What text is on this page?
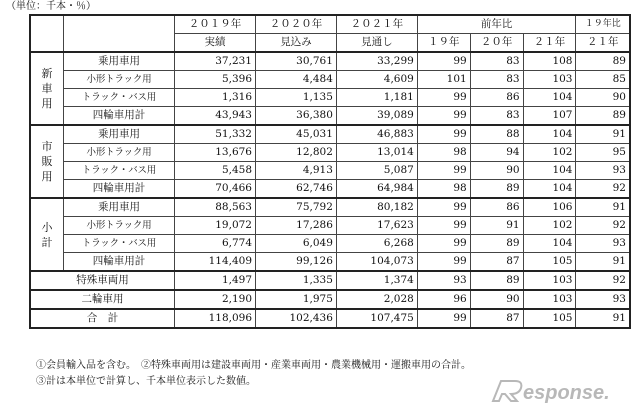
（単位：千本・％）
		２０１９年	２０２０年	２０２１年	前年比			１９年比
		実績	見込み	見通し	１９年	２０年	２１年	２１年

新
車
用	乗用車用	37,231	30,761	33,299	99	83	108	89
	小形トラック用	5,396	4,484	4,609	101	83	103	85
	トラック・バス用	1,316	1,135	1,181	99	86	104	90
	四輪車用計	43,943	36,380	39,089	99	83	107	89

市
販
用	乗用車用	51,332	45,031	46,883	99	88	104	91
	小形トラック用	13,676	12,802	13,014	98	94	102	95
	トラック・バス用	5,458	4,913	5,087	99	90	104	93
	四輪車用計	70,466	62,746	64,984	98	89	104	92

小
計	乗用車用	88,563	75,792	80,182	99	86	106	91
	小形トラック用	19,072	17,286	17,623	99	91	102	92
	トラック・バス用	6,774	6,049	6,268	99	89	104	93
	四輪車用計	114,409	99,126	104,073	99	87	105	91
特殊車両用		1,497	1,335	1,374	93	89	103	92
二輪車用		2,190	1,975	2,028	96	90	103	93
合　計		118,096	102,436	107,475	99	87	105	91
①会員輸入品を含む。　②特殊車両用は建設車両用・産業車両用・農業機械用・運搬車用の合計。
③計は本単位で計算し、千本単位表示した数値。
esponse.
